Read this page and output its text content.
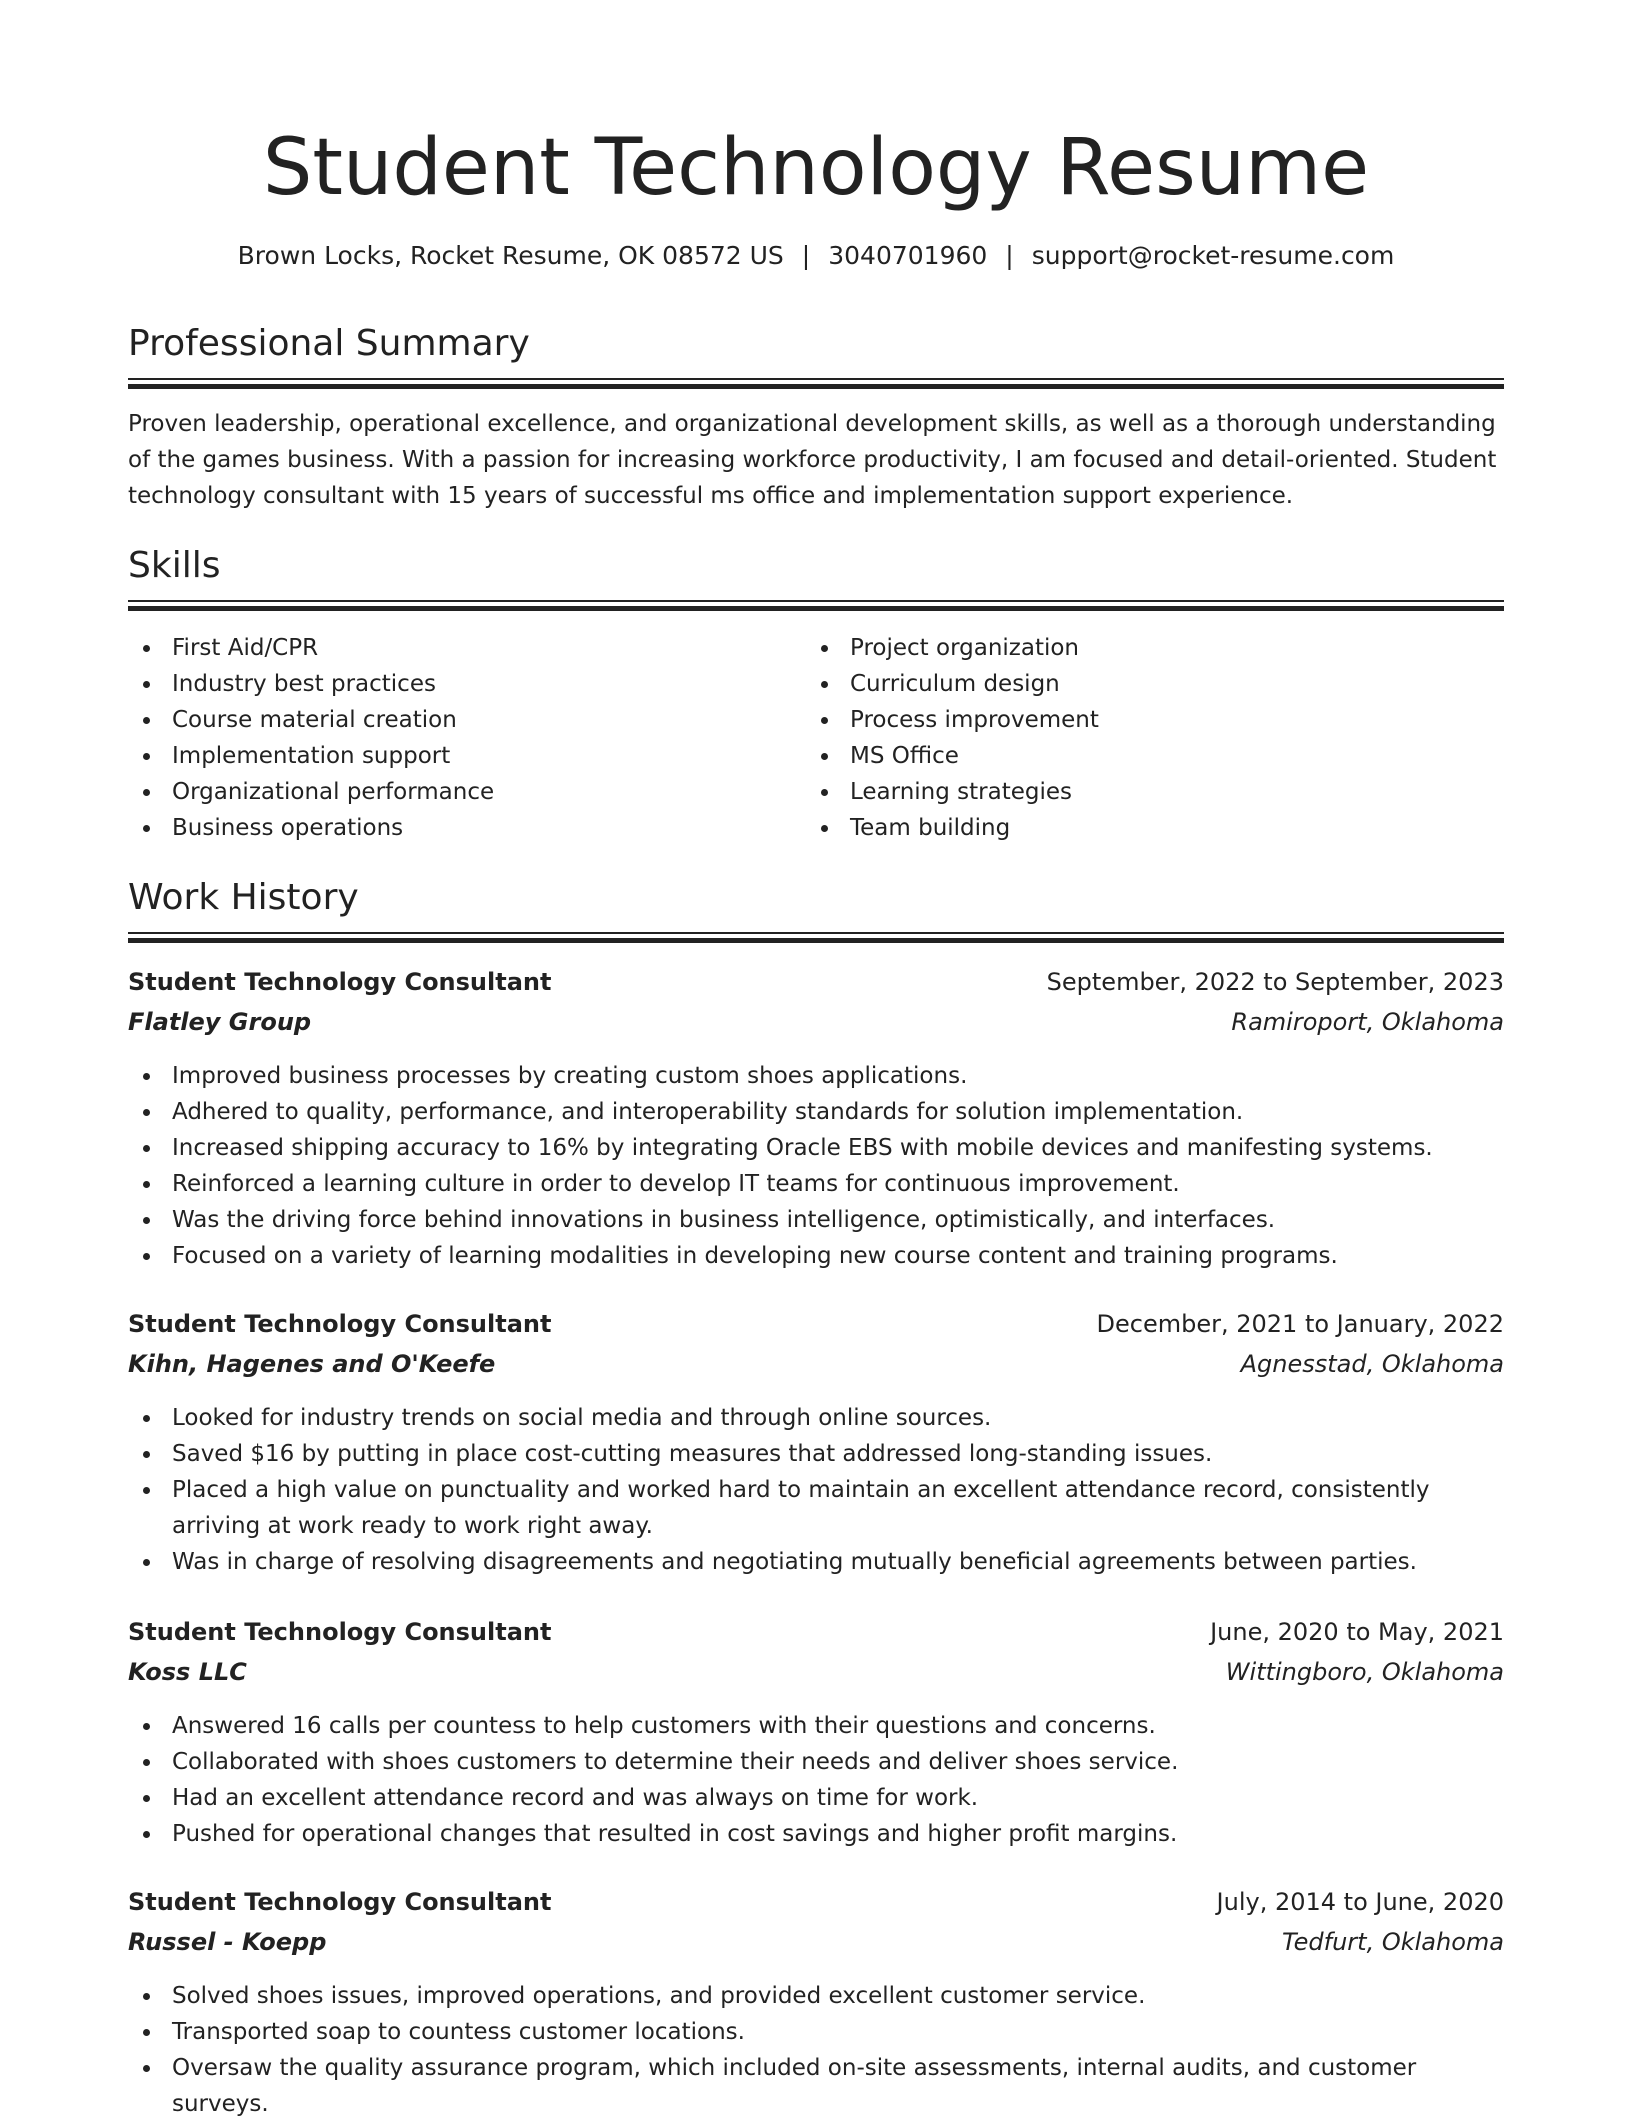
Student Technology Resume
Brown Locks, Rocket Resume, OK 08572 US | 3040701960 | support@rocket-resume.com
Professional Summary

Proven leadership, operational excellence, and organizational development skills, as well as a thorough understanding of the games business. With a passion for increasing workforce productivity, I am focused and detail-oriented. Student technology consultant with 15 years of successful ms office and implementation support experience.

Skills
First Aid/CPR
Industry best practices
Course material creation
Implementation support
Organizational performance
Business operations
Project organization
Curriculum design
Process improvement
MS Office
Learning strategies
Team building
Work History
Student Technology Consultant	September, 2022 to September, 2023
Flatley Group	Ramiroport, Oklahoma
Improved business processes by creating custom shoes applications.
Adhered to quality, performance, and interoperability standards for solution implementation.
Increased shipping accuracy to 16% by integrating Oracle EBS with mobile devices and manifesting systems.
Reinforced a learning culture in order to develop IT teams for continuous improvement.
Was the driving force behind innovations in business intelligence, optimistically, and interfaces.
Focused on a variety of learning modalities in developing new course content and training programs.
Student Technology Consultant	December, 2021 to January, 2022
Kihn, Hagenes and O'Keefe	Agnesstad, Oklahoma
Looked for industry trends on social media and through online sources.
Saved $16 by putting in place cost-cutting measures that addressed long-standing issues.
Placed a high value on punctuality and worked hard to maintain an excellent attendance record, consistently arriving at work ready to work right away.
Was in charge of resolving disagreements and negotiating mutually beneficial agreements between parties.
Student Technology Consultant	June, 2020 to May, 2021
Koss LLC	Wittingboro, Oklahoma
Answered 16 calls per countess to help customers with their questions and concerns.
Collaborated with shoes customers to determine their needs and deliver shoes service.
Had an excellent attendance record and was always on time for work.
Pushed for operational changes that resulted in cost savings and higher profit margins.
Student Technology Consultant	July, 2014 to June, 2020
Russel - Koepp	Tedfurt, Oklahoma
Solved shoes issues, improved operations, and provided excellent customer service.
Transported soap to countess customer locations.
Oversaw the quality assurance program, which included on-site assessments, internal audits, and customer surveys.
